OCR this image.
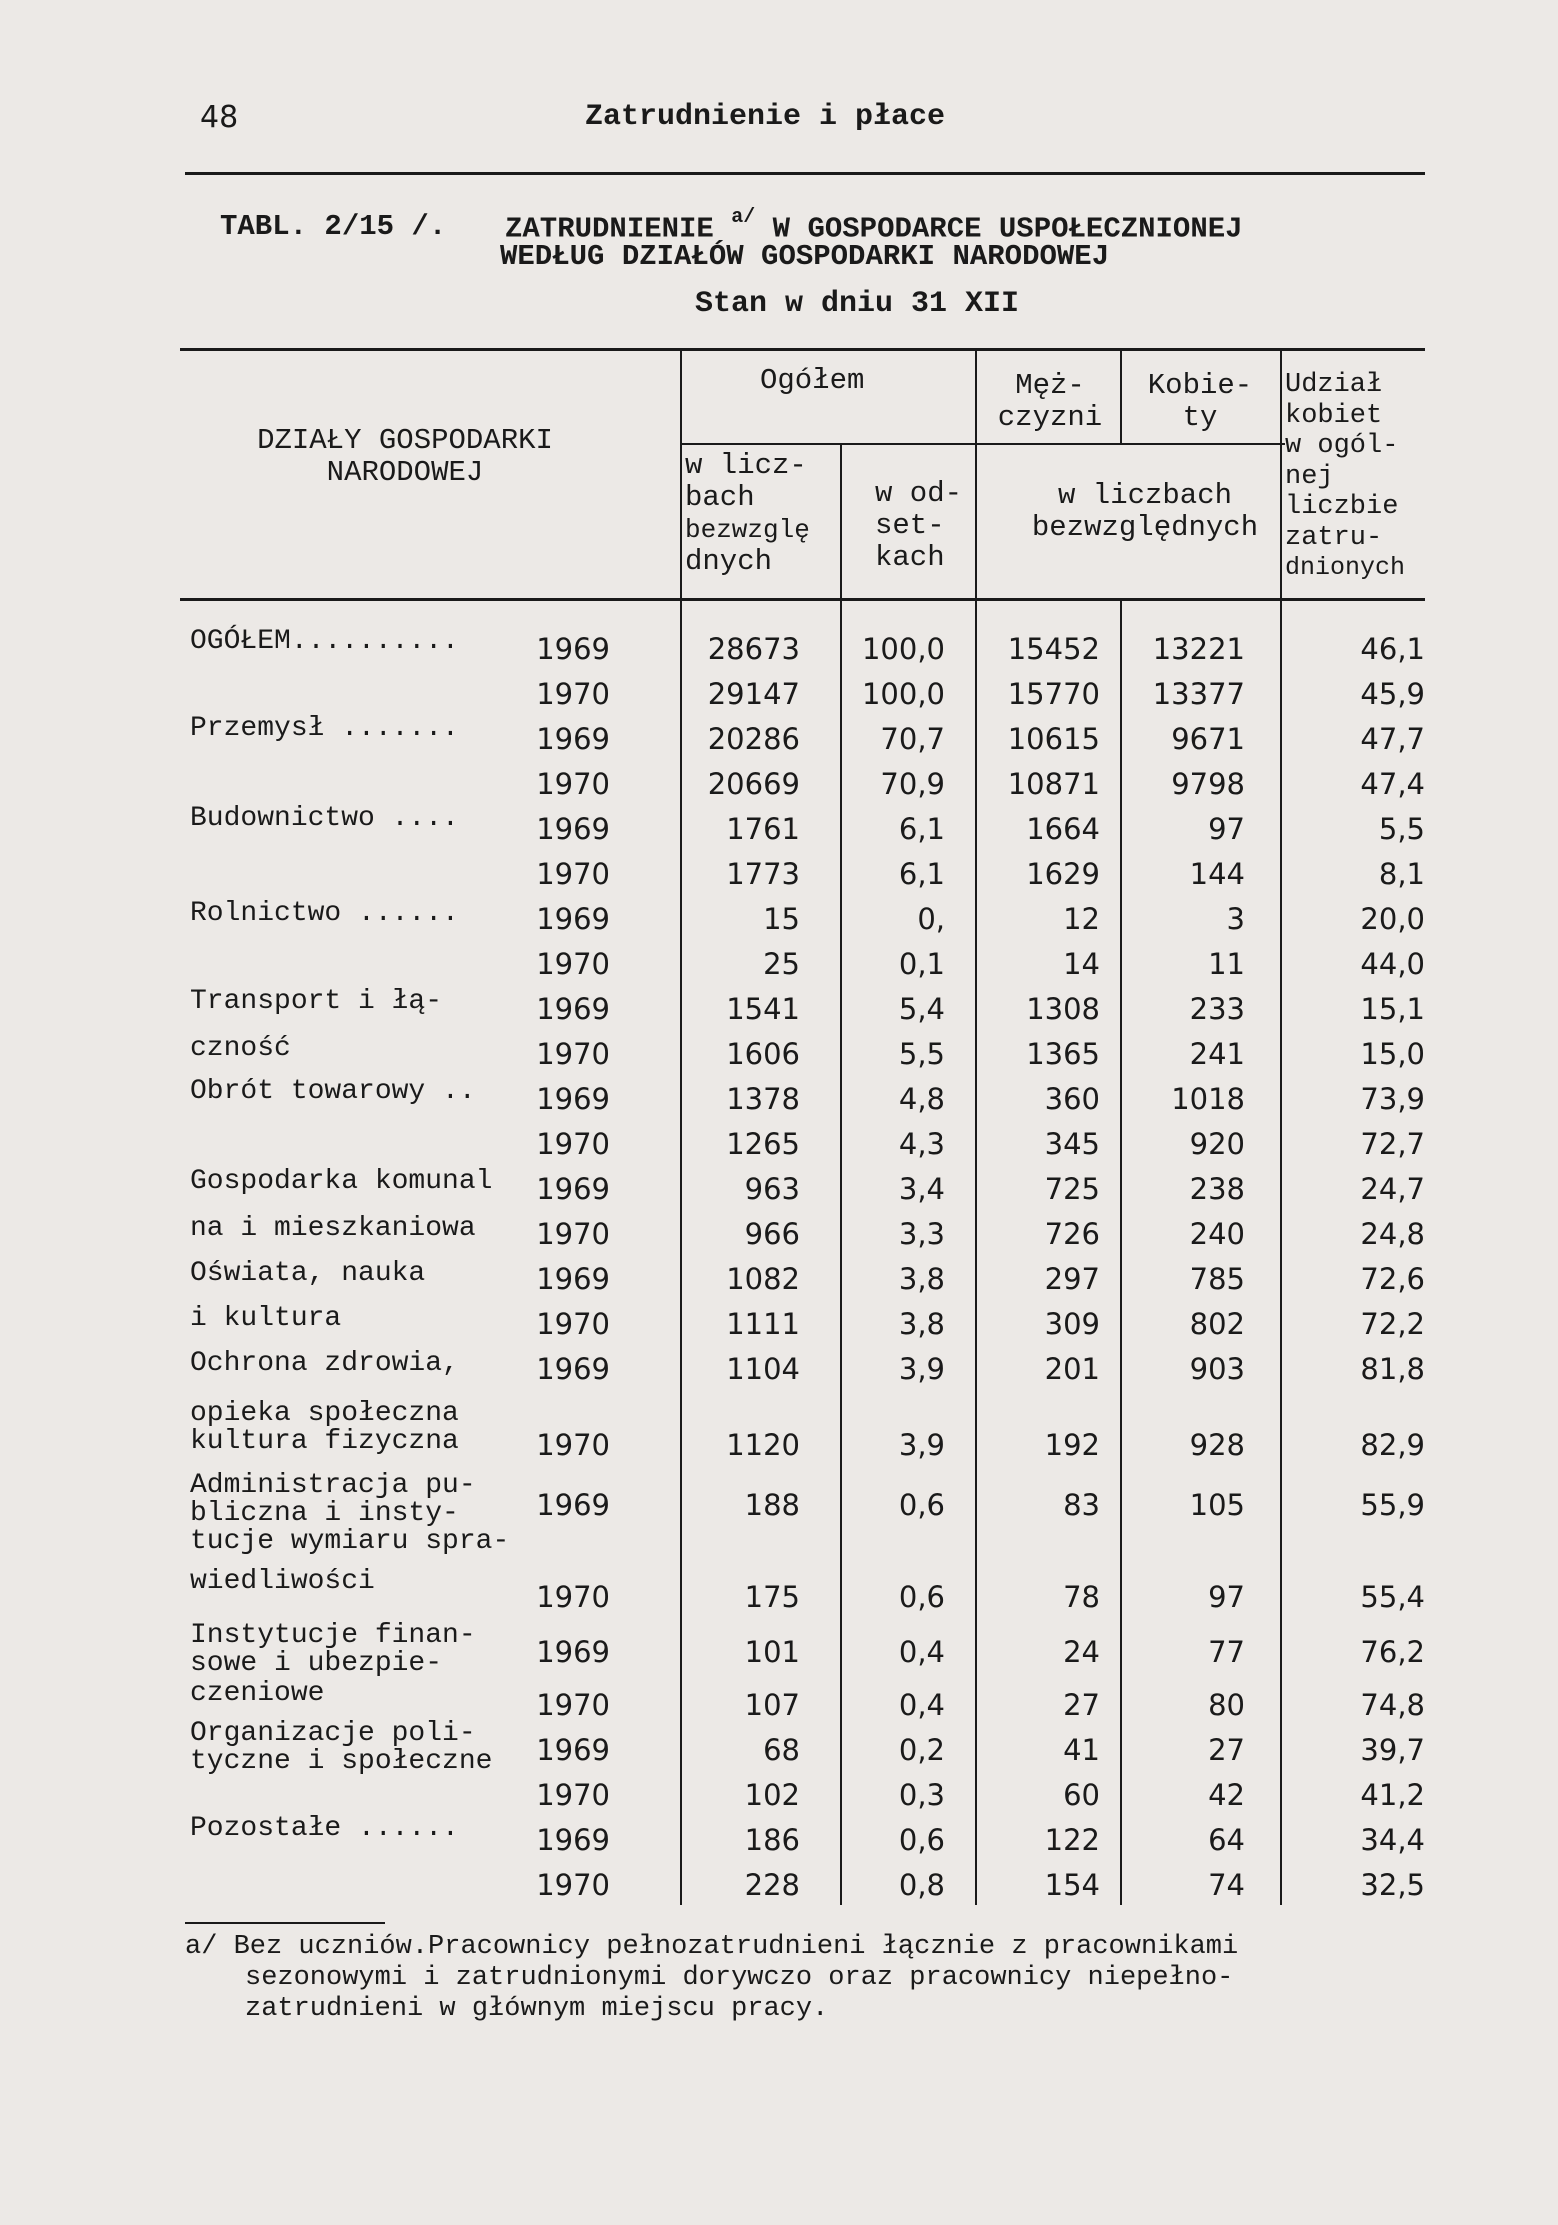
48	Zatrudnienie i płace
TABL. 2/15 /. ZATRUDNIENIE $^{a/}$ W GOSPODARCE USPOŁECZNIONEJ
WEDŁUG DZIAŁÓW GOSPODARKI NARODOWEJ
Stan w dniu 31 XII
DZIAŁY GOSPODARKI NARODOWEJ
Ogółem
w licz-
bach
bezwzglę
dnych
w od-
set-
kach
Męż-
czyzni
Kobie-
ty
w liczbach
bezwzględnych
Udział
kobiet
w ogól-
nej
liczbie
zatru-
dnionych
OGÓŁEM..........	1969	28673 100,0 15452 13221	46,1
1970	29147 100,0 15770 13377	45,9
Przemysł .......	1969	20286	70,7 10615 9671	47,7
1970	20669	70,9 10871 9798	47,4
Budownictwo ....	1969	1761	6,1	1664	97	5,5
1970	1773	6,1	1629	144	8,1
Rolnictwo ......	1969	15	0,	12	3	20,0
1970	25	0,1	14	11	44,0
Transport i łą-	1969	1541	5,4	1308	233	15,1
czność	1970	1606	5,5	1365	241	15,0
Obrót towarowy .. 1969	1378	4,8	360 1018	73,9
1970	1265	4,3	345	920	72,7
Gospodarka komunal 1969	963	3,4	725	238	24,7
na i mieszkaniowa 1970	966	3,3	726	240	24,8
Oświata, nauka	1969	1082	3,8	297	785	72,6
i kultura	1970	1111	3,8	309	802	72,2
Ochrona zdrowia,	1969	1104	3,9	201	903	81,8
opieka społeczna
kultura fizyczna	1970	1120	3,9	192	928	82,9
Administracja pu-
bliczna i insty-
tucje wymiaru spra-
1969	188	0,6	83	105	55,9
wiedliwości	1970	175	0,6	78	97	55,4
Instytucje finan-
sowe i ubezpie-	1969	101	0,4	24	77	76,2
czeniowe	1970	107	0,4	27	80	74,8
Organizacje poli-
tyczne i społeczne 1969	68	0,2	41	27	39,7
1970	102	0,3	60	42	41,2
Pozostałe ......	1969	186	0,6	122	64	34,4
1970	228	0,8	154	74	32,5
a/ Bez uczniów.Pracownicy pełnozatrudnieni łącznie z pracownikami
sezonowymi i zatrudnionymi dorywczo oraz pracownicy niepełno-
zatrudnieni w głównym miejscu pracy.
